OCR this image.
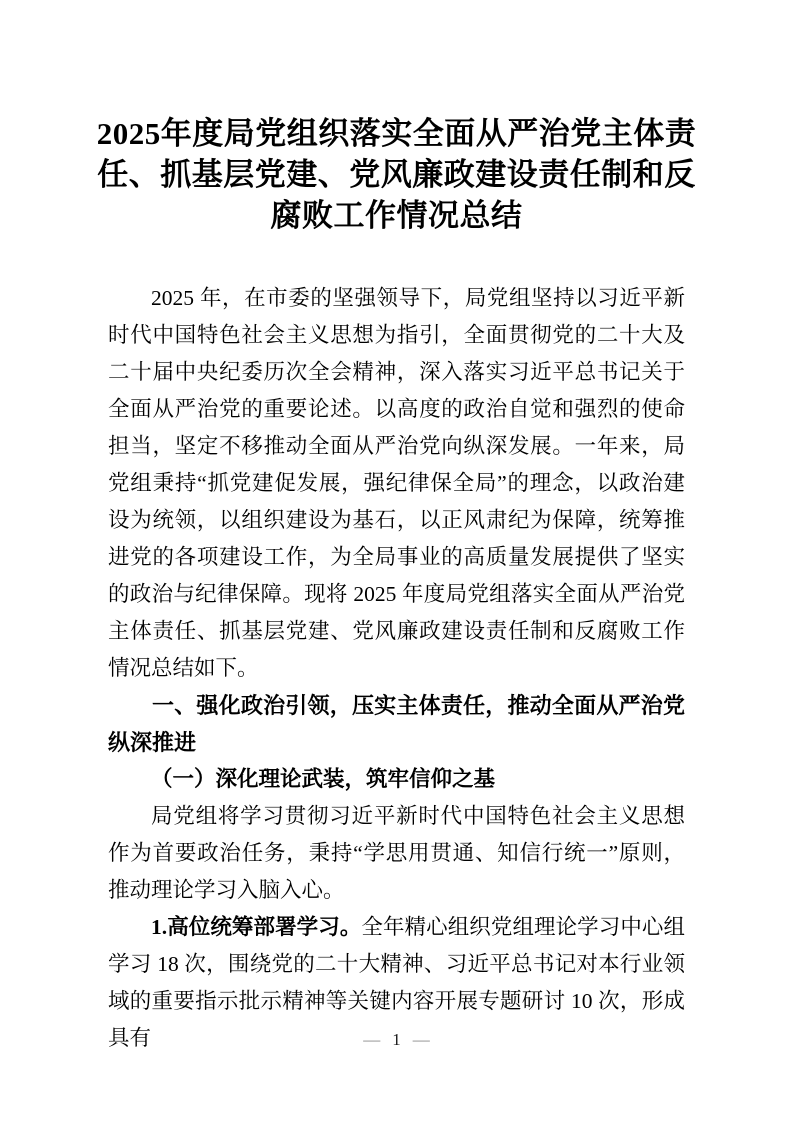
2025年度局党组织落实全面从严治党主体责任、抓基层党建、党风廉政建设责任制和反腐败工作情况总结

2025 年，在市委的坚强领导下，局党组坚持以习近平新时代中国特色社会主义思想为指引，全面贯彻党的二十大及二十届中央纪委历次全会精神，深入落实习近平总书记关于全面从严治党的重要论述。以高度的政治自觉和强烈的使命担当，坚定不移推动全面从严治党向纵深发展。一年来，局党组秉持“抓党建促发展，强纪律保全局”的理念，以政治建设为统领，以组织建设为基石，以正风肃纪为保障，统筹推进党的各项建设工作，为全局事业的高质量发展提供了坚实的政治与纪律保障。现将 2025 年度局党组落实全面从严治党主体责任、抓基层党建、党风廉政建设责任制和反腐败工作情况总结如下。

一、强化政治引领，压实主体责任，推动全面从严治党纵深推进
（一）深化理论武装，筑牢信仰之基

局党组将学习贯彻习近平新时代中国特色社会主义思想作为首要政治任务，秉持“学思用贯通、知信行统一”原则，推动理论学习入脑入心。

1.高位统筹部署学习。全年精心组织党组理论学习中心组学习 18 次，围绕党的二十大精神、习近平总书记对本行业领域的重要指示批示精神等关键内容开展专题研讨 10 次，形成具有	— 1 —
